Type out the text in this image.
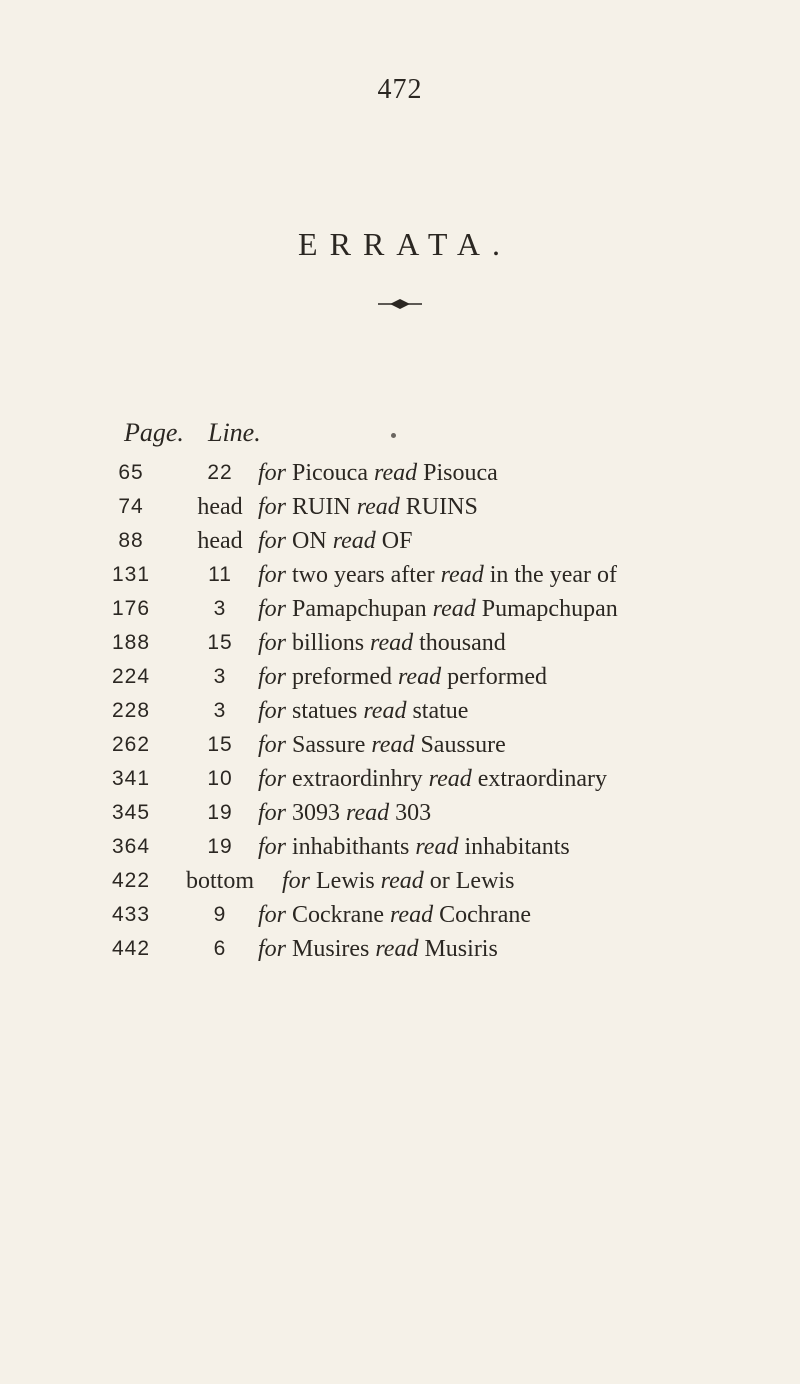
472
ERRATA.
Page. Line.
65	22	for Picouca read Pisouca
74	head for RUIN read RUINS
88	head for ON read OF
131	11	for two years after read in the year of
176	3	for Pamapchupan read Pumapchupan
188	15	for billions read thousand
224	3	for preformed read performed
228	3	for statues read statue
262	15	for Sassure read Saussure
341	10	for extraordinhry read extraordinary
345	19	for 3093 read 303
364	19	for inhabithants read inhabitants
422 bottom for Lewis read or Lewis
433	9	for Cockrane read Cochrane
442	6	for Musires read Musiris
